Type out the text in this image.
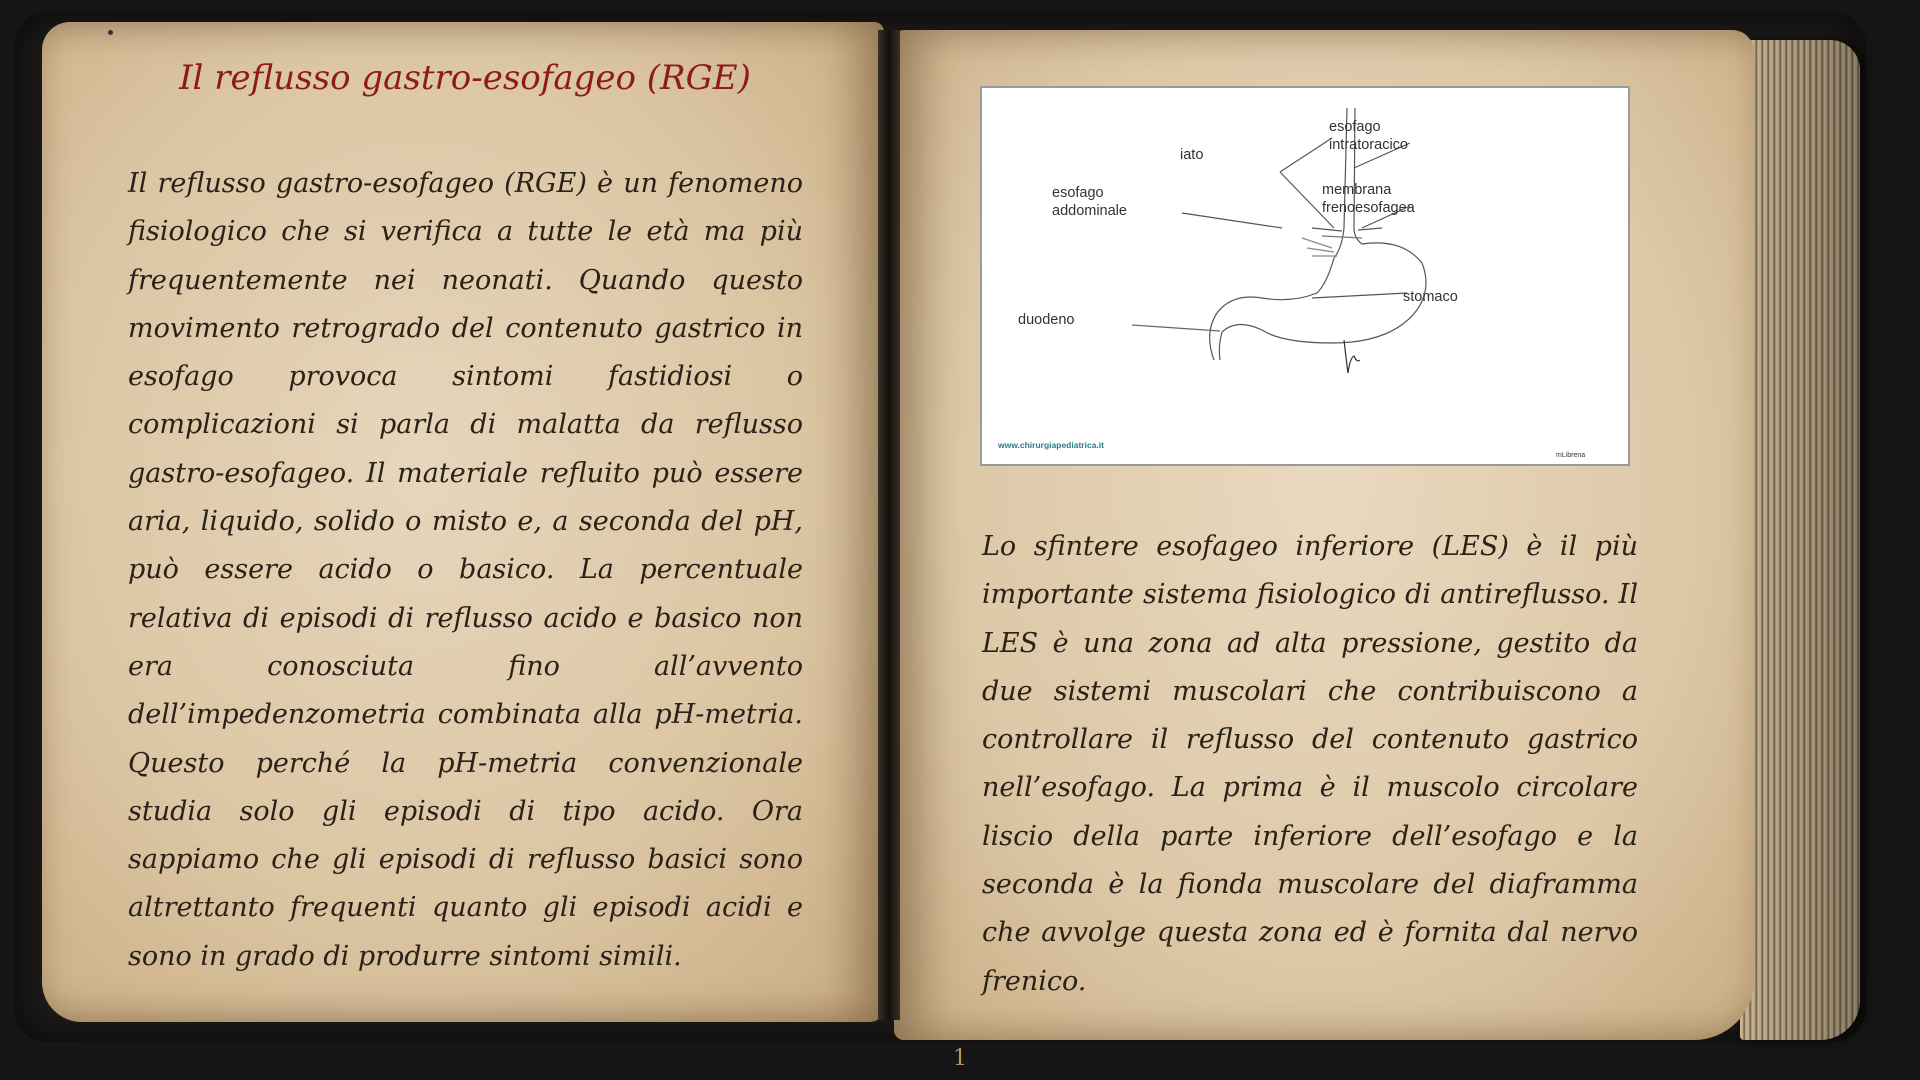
Il reflusso gastro-esofageo (RGE)

Il reflusso gastro-esofageo (RGE) è un fenomeno fisiologico che si verifica a tutte le età ma più frequentemente nei neonati. Quando questo movimento retrogrado del contenuto gastrico in esofago provoca sintomi fastidiosi o complicazioni si parla di malatta da reflusso gastro-esofageo. Il materiale refluito può essere aria, liquido, solido o misto e, a seconda del pH, può essere acido o basico. La percentuale relativa di episodi di reflusso acido e basico non era conosciuta fino all’avvento dell’impedenzometria combinata alla pH-metria. Questo perché la pH-metria convenzionale studia solo gli episodi di tipo acido. Ora sappiamo che gli episodi di reflusso basici sono altrettanto frequenti quanto gli episodi acidi e sono in grado di produrre sintomi simili.

esofago
intratoracico
iato
esofago
addominale
membrana
frenoesofagea
stomaco
duodeno
www.chirurgiapediatrica.it
mLibrena

Lo sfintere esofageo inferiore (LES) è il più importante sistema fisiologico di antireflusso. Il LES è una zona ad alta pressione, gestito da due sistemi muscolari che contribuiscono a controllare il reflusso del contenuto gastrico nell’esofago. La prima è il muscolo circolare liscio della parte inferiore dell’esofago e la seconda è la fionda muscolare del diaframma che avvolge questa zona ed è fornita dal nervo frenico.

1
